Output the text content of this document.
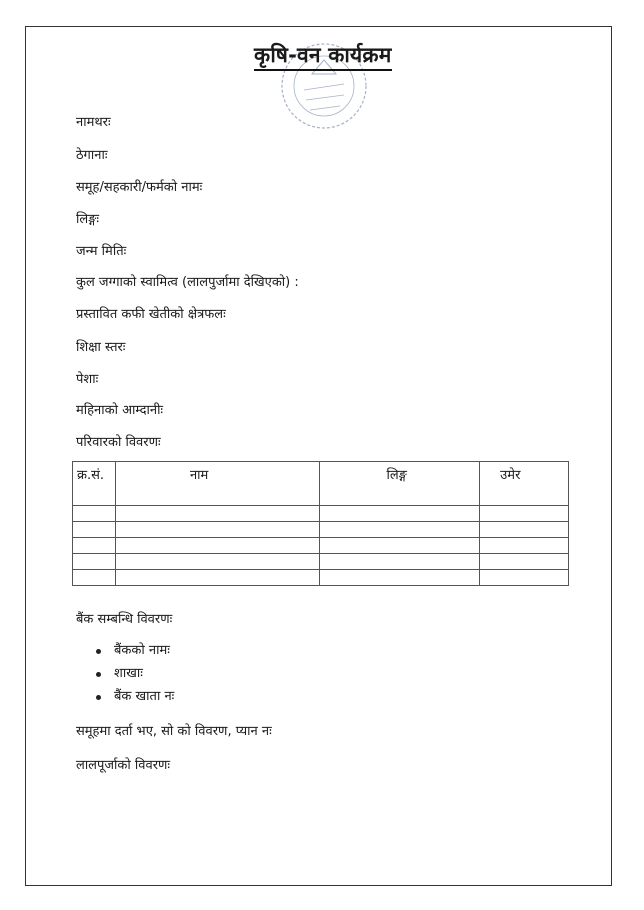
कृषि-वन कार्यक्रम
नामथरः
ठेगानाः
समूह/सहकारी/फर्मको नामः
लिङ्गः
जन्म मितिः
कुल जग्गाको स्वामित्व (लालपुर्जामा देखिएको) :
प्रस्तावित कफी खेतीको क्षेत्रफलः
शिक्षा स्तरः
पेशाः
महिनाको आम्दानीः
परिवारको विवरणः
क्र.सं.	नाम	लिङ्ग	उमेर

बैंक सम्बन्धि विवरणः
बैंकको नामः
शाखाः
बैंक खाता नः
समूहमा दर्ता भए, सो को विवरण, प्यान नः
लालपूर्जाको विवरणः
